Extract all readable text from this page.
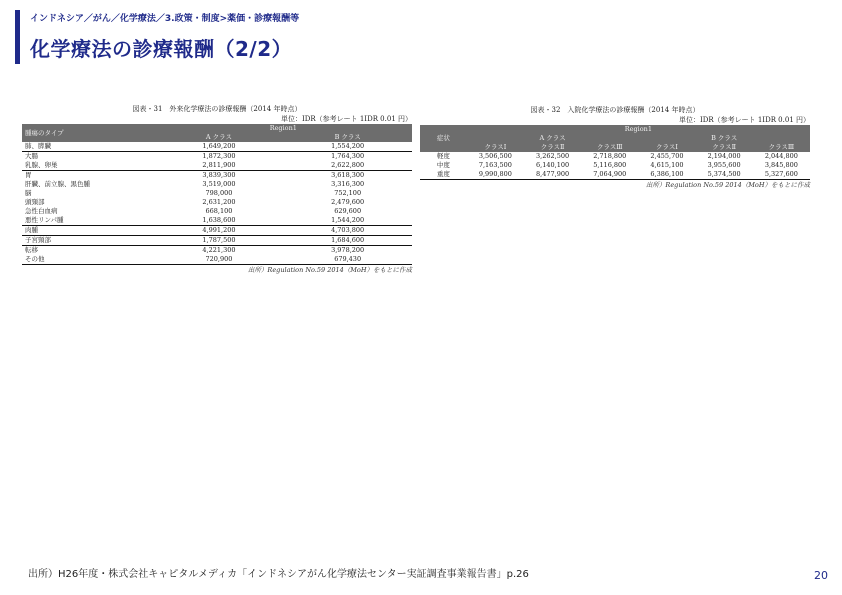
インドネシア／がん／化学療法／3.政策・制度>薬価・診療報酬等
化学療法の診療報酬（2/2）
図表・31　外来化学療法の診療報酬（2014 年時点）
単位：IDR（参考レート 1IDR 0.01 円）
腫瘍のタイプ	Region1	
	A クラス	B クラス
肺、膵臓	1,649,200	1,554,200
大腸	1,872,300	1,764,300
乳腺、卵巣	2,811,900	2,622,800
胃	3,839,300	3,618,300
肝臓、前立腺、黒色腫	3,519,000	3,316,300
脳	798,000	752,100
頭頸部	2,631,200	2,479,600
急性白血病	668,100	629,600
悪性リンパ腫	1,638,600	1,544,200
肉腫	4,991,200	4,703,800
子宮頸部	1,787,500	1,684,600
転移	4,221,300	3,978,200
その他	720,900	679,430
出所）Regulation No.59 2014（MoH）をもとに作成
図表・32　入院化学療法の診療報酬（2014 年時点）
単位：IDR（参考レート 1IDR 0.01 円）
症状	Region1					
	A クラス			B クラス		
	クラスⅠ	クラスⅡ	クラスⅢ	クラスⅠ	クラスⅡ	クラスⅢ
軽度	3,506,500	3,262,500	2,718,800	2,455,700	2,194,000	2,044,800
中度	7,163,500	6,140,100	5,116,800	4,615,100	3,955,600	3,845,800
重度	9,990,800	8,477,900	7,064,900	6,386,100	5,374,500	5,327,600
出所）Regulation No.59 2014（MoH）をもとに作成
出所）H26年度・株式会社キャピタルメディカ「インドネシアがん化学療法センター実証調査事業報告書」p.26	20
